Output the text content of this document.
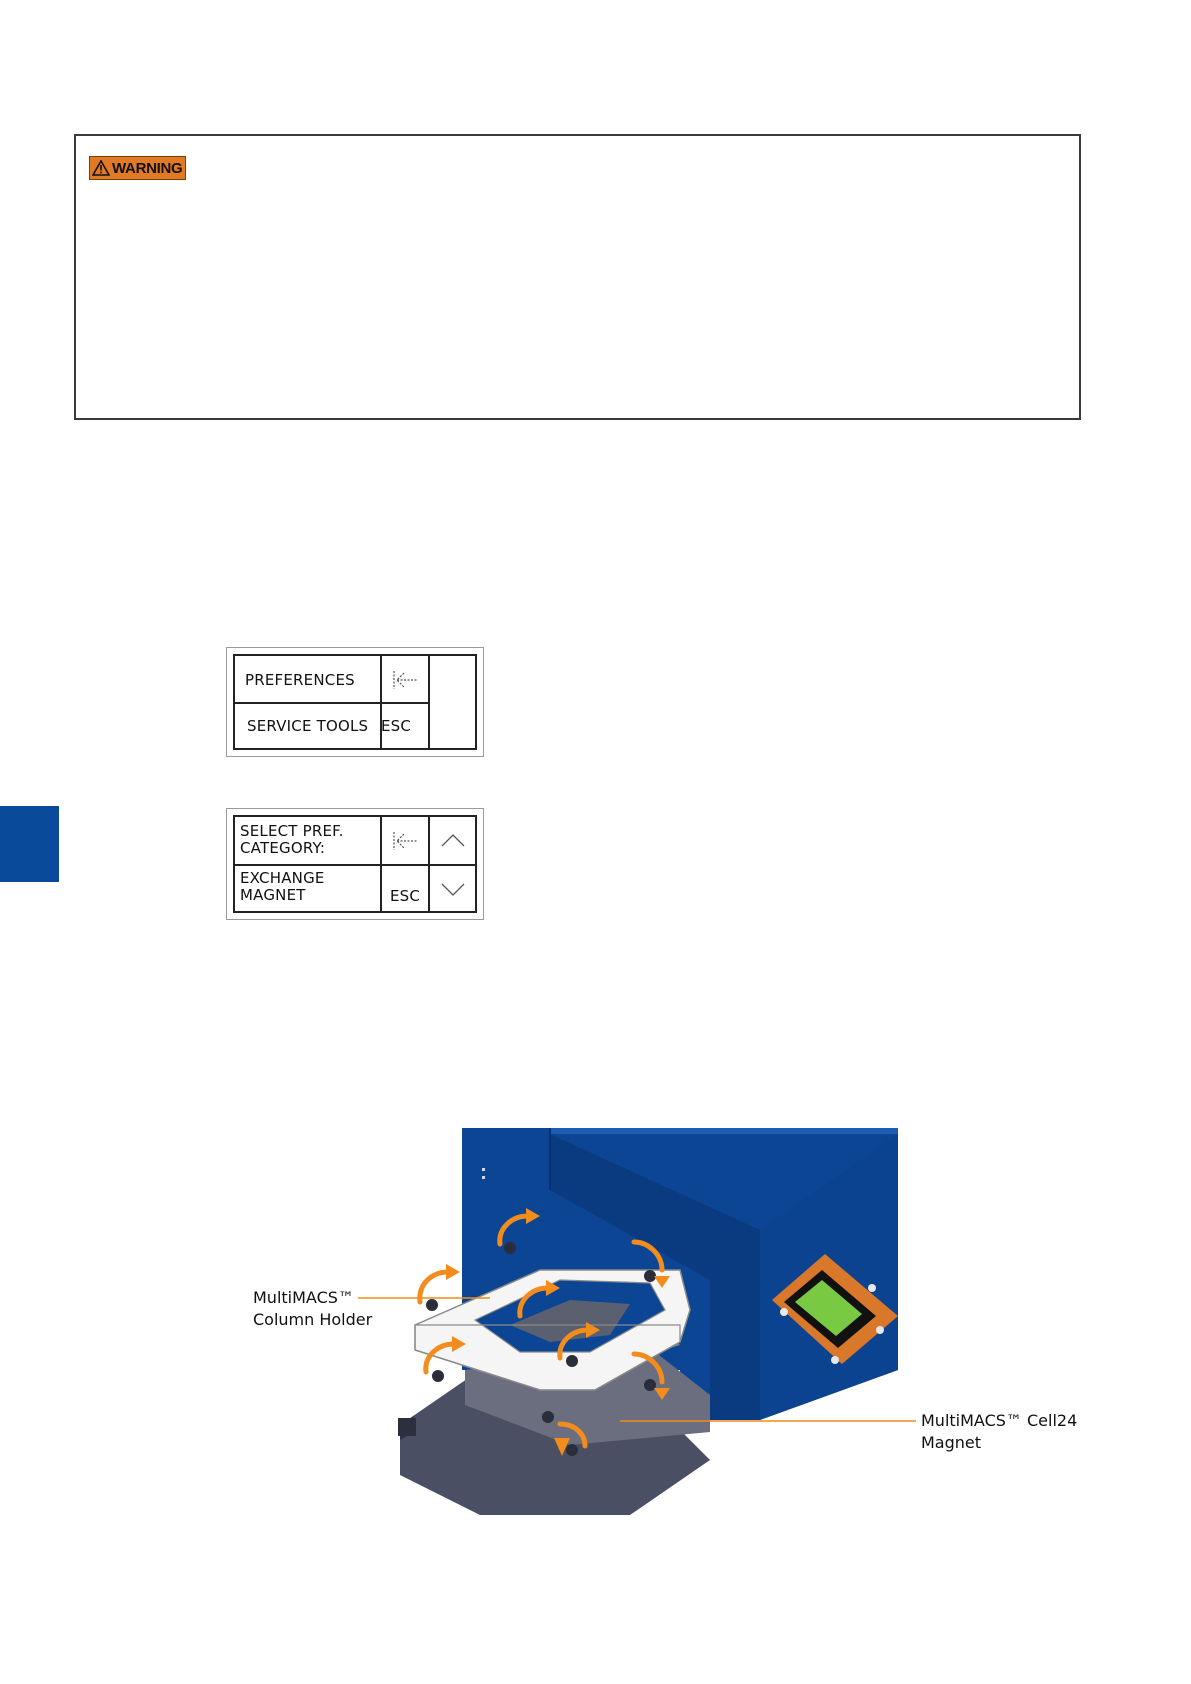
WARNING
PREFERENCES
SERVICE TOOLS ESC
SELECT PREF.
CATEGORY:
EXCHANGE
MAGNET	ESC
MultiMACS™
Column Holder
MultiMACS™ Cell24
Magnet
